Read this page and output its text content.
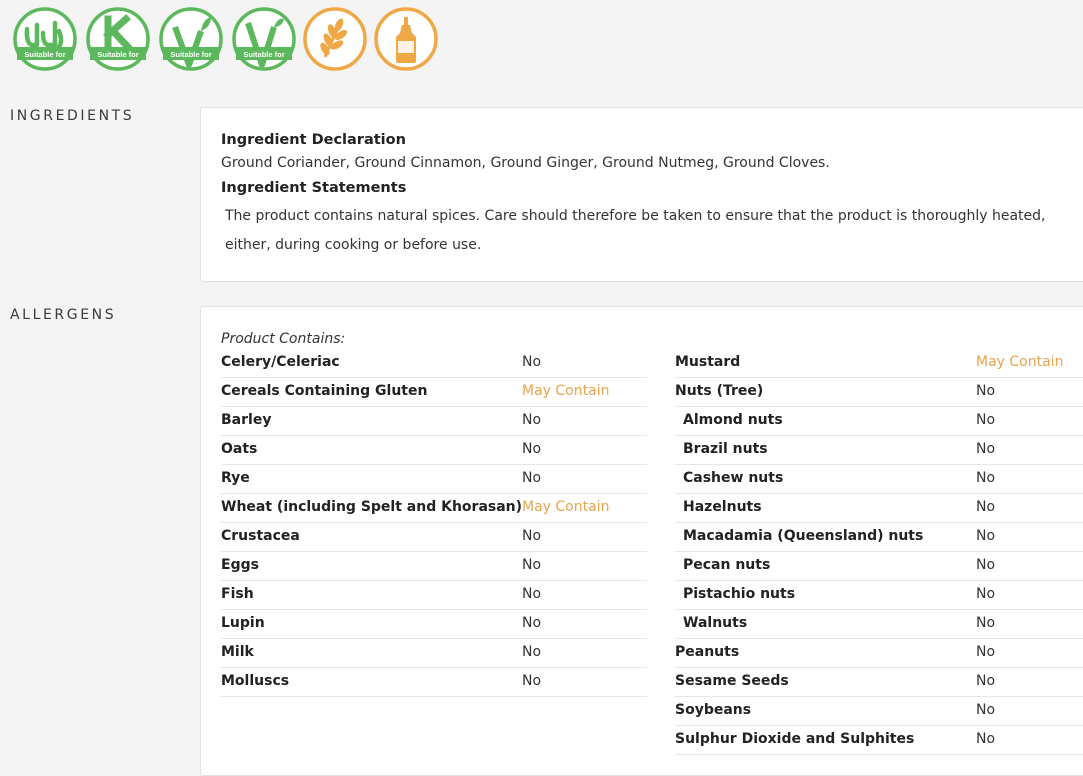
Suitable for	Suitable for	Suitable for	Suitable for
INGREDIENTS
Ingredient Declaration
Ground Coriander, Ground Cinnamon, Ground Ginger, Ground Nutmeg, Ground Cloves.
Ingredient Statements
The product contains natural spices. Care should therefore be taken to ensure that the product is thoroughly heated, either, during cooking or before use.
ALLERGENS
Product Contains:
Celery/Celeriac	No
Cereals Containing Gluten	May Contain
Barley	No
Oats	No
Rye	No
Wheat (including Spelt and Khorasan) May Contain
Crustacea	No
Eggs	No
Fish	No
Lupin	No
Milk	No
Molluscs	No
Mustard	May Contain
Nuts (Tree)	No
Almond nuts	No
Brazil nuts	No
Cashew nuts	No
Hazelnuts	No
Macadamia (Queensland) nuts	No
Pecan nuts	No
Pistachio nuts	No
Walnuts	No
Peanuts	No
Sesame Seeds	No
Soybeans	No
Sulphur Dioxide and Sulphites	No
